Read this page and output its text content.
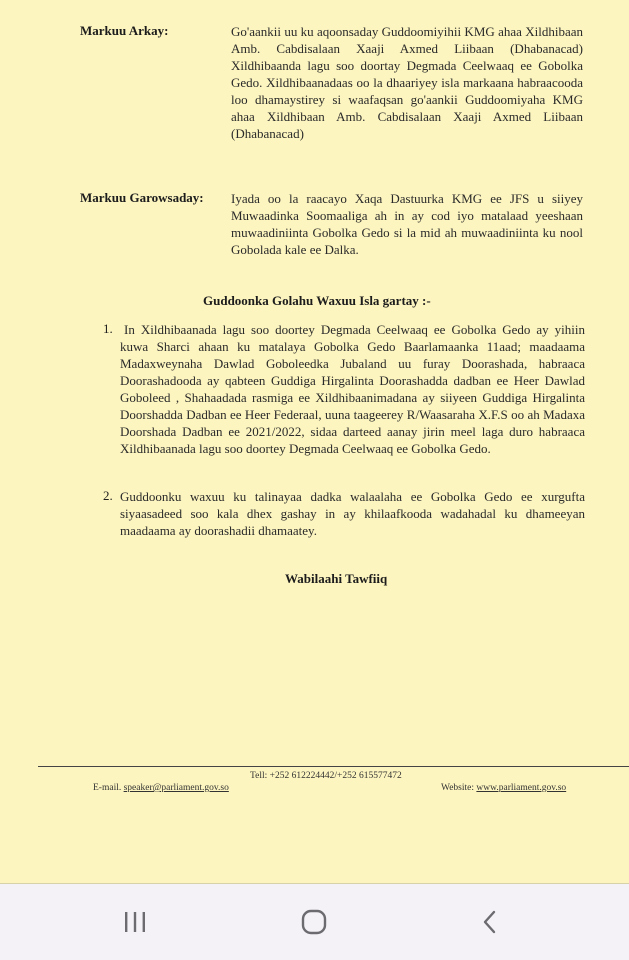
Markuu Arkay:	Go'aankii uu ku aqoonsaday Guddoomiyihii KMG ahaa Xildhibaan Amb. Cabdisalaan Xaaji Axmed Liibaan (Dhabanacad) Xildhibaanda lagu soo doortay Degmada Ceelwaaq ee Gobolka Gedo. Xildhibaanadaas oo la dhaariyey isla markaana habraacooda loo dhamaystirey si waafaqsan go'aankii Guddoomiyaha KMG ahaa Xildhibaan Amb. Cabdisalaan Xaaji Axmed Liibaan (Dhabanacad)
Markuu Garowsaday: Iyada oo la raacayo Xaqa Dastuurka KMG ee JFS u siiyey Muwaadinka Soomaaliga ah in ay cod iyo matalaad yeeshaan muwaadiniinta Gobolka Gedo si la mid ah muwaadiniinta ku nool Gobolada kale ee Dalka.
Guddoonka Golahu Waxuu Isla gartay :-
1. In Xildhibaanada lagu soo doortey Degmada Ceelwaaq ee Gobolka Gedo ay yihiin kuwa Sharci ahaan ku matalaya Gobolka Gedo Baarlamaanka 11aad; maadaama Madaxweynaha Dawlad Goboleedka Jubaland uu furay Doorashada, habraaca Doorashadooda ay qabteen Guddiga Hirgalinta Doorashadda dadban ee Heer Dawlad Goboleed , Shahaadada rasmiga ee Xildhibaanimadana ay siiyeen Guddiga Hirgalinta Doorshadda Dadban ee Heer Federaal, uuna taageerey R/Waasaraha X.F.S oo ah Madaxa Doorshada Dadban ee 2021/2022, sidaa darteed aanay jirin meel laga duro habraaca Xildhibaanada lagu soo doortey Degmada Ceelwaaq ee Gobolka Gedo.
2. Guddoonku waxuu ku talinayaa dadka walaalaha ee Gobolka Gedo ee xurgufta siyaasadeed soo kala dhex gashay in ay khilaafkooda wadahadal ku dhameeyan maadaama ay doorashadii dhamaatey.
Wabilaahi Tawfiiq
Tell: +252 612224442/+252 615577472
E-mail. speaker@parliament.gov.so	Website: www.parliament.gov.so
